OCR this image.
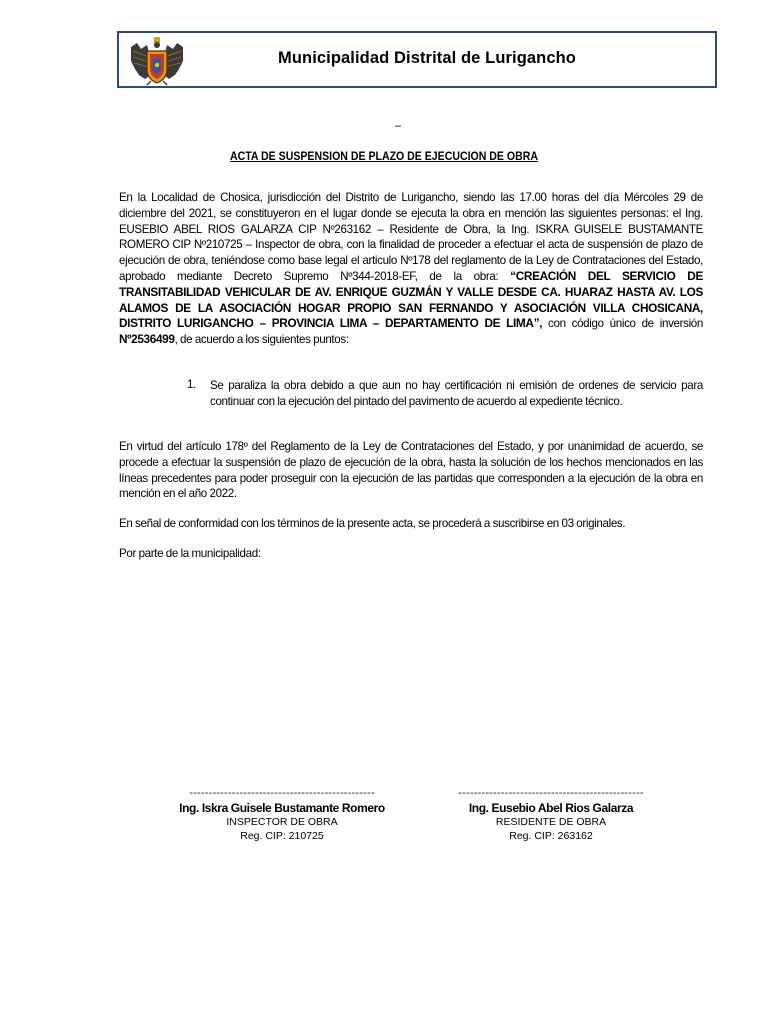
Municipalidad Distrital de Lurigancho
–
ACTA DE SUSPENSION DE PLAZO DE EJECUCION DE OBRA
En la Localidad de Chosica, jurisdicción del Distrito de Lurigancho, siendo las 17.00 horas del día Mércoles 29 de diciembre del 2021, se constituyeron en el lugar donde se ejecuta la obra en mención las siguientes personas: el Ing. EUSEBIO ABEL RIOS GALARZA CIP Nº263162 – Residente de Obra, la Ing. ISKRA GUISELE BUSTAMANTE ROMERO CIP Nº210725 – Inspector de obra, con la finalidad de proceder a efectuar el acta de suspensión de plazo de ejecución de obra, teniéndose como base legal el articulo Nº178 del reglamento de la Ley de Contrataciones del Estado, aprobado mediante Decreto Supremo Nº344-2018-EF, de la obra: “CREACIÓN DEL SERVICIO DE TRANSITABILIDAD VEHICULAR DE AV. ENRIQUE GUZMÁN Y VALLE DESDE CA. HUARAZ HASTA AV. LOS ALAMOS DE LA ASOCIACIÓN HOGAR PROPIO SAN FERNANDO Y ASOCIACIÓN VILLA CHOSICANA, DISTRITO LURIGANCHO – PROVINCIA LIMA – DEPARTAMENTO DE LIMA”, con código único de inversión Nº2536499, de acuerdo a los siguientes puntos:
1. Se paraliza la obra debido a que aun no hay certificación ni emisión de ordenes de servicio para continuar con la ejecución del pintado del pavimento de acuerdo al expediente técnico.
En virtud del artículo 178º del Reglamento de la Ley de Contrataciones del Estado, y por unanimidad de acuerdo, se procede a efectuar la suspensión de plazo de ejecución de la obra, hasta la solución de los hechos mencionados en las líneas precedentes para poder proseguir con la ejecución de las partidas que corresponden a la ejecución de la obra en mención en el año 2022.
En señal de conformidad con los términos de la presente acta, se procederá a suscribirse en 03 originales.
Por parte de la municipalidad:
------------------------------------------------
Ing. Iskra Guisele Bustamante Romero
INSPECTOR DE OBRA
Reg. CIP: 210725
------------------------------------------------
Ing. Eusebio Abel Rios Galarza
RESIDENTE DE OBRA
Reg. CIP: 263162
